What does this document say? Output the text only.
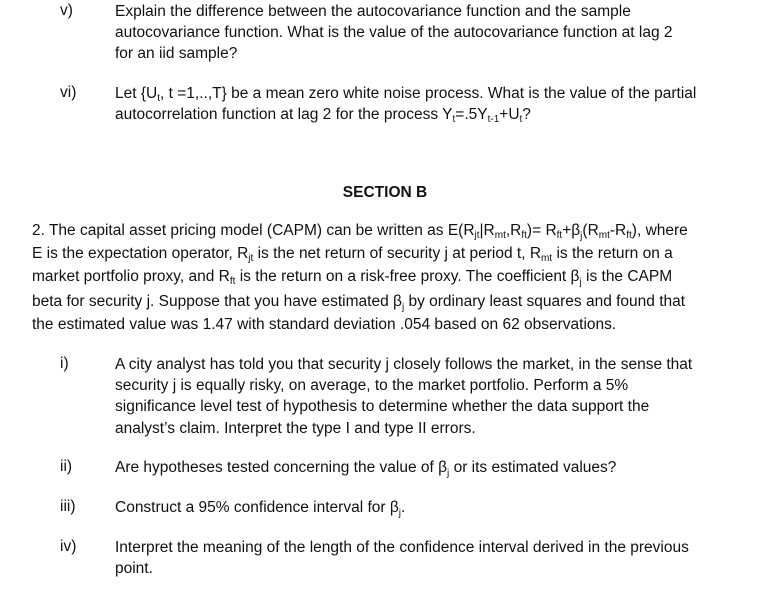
v)	Explain the difference between the autocovariance function and the sample
autocovariance function. What is the value of the autocovariance function at lag 2
for an iid sample?
vi) Let {$U_t$, t =1,..,T} be a mean zero white noise process. What is the value of the partial
autocorrelation function at lag 2 for the process $Y_t=.5Y_{t-1}+U_t$?
SECTION B
2. The capital asset pricing model (CAPM) can be written as $E(R_{jt}|R_{mt},R_{ft})= R_{ft}+\beta_j(R_{mt}-R_{ft})$, where
E is the expectation operator, $R_{jt}$ is the net return of security j at period t, $R_{mt}$ is the return on a
market portfolio proxy, and $R_{ft}$ is the return on a risk-free proxy. The coefficient $\beta_j$ is the CAPM
beta for security j. Suppose that you have estimated $\beta_j$ by ordinary least squares and found that
the estimated value was 1.47 with standard deviation .054 based on 62 observations.
i)	A city analyst has told you that security j closely follows the market, in the sense that
security j is equally risky, on average, to the market portfolio. Perform a 5%
significance level test of hypothesis to determine whether the data support the
analyst’s claim. Interpret the type I and type II errors.
ii)	Are hypotheses tested concerning the value of $\beta_j$ or its estimated values?
iii)	Construct a 95% confidence interval for $\beta_j$.
iv) Interpret the meaning of the length of the confidence interval derived in the previous
point.
